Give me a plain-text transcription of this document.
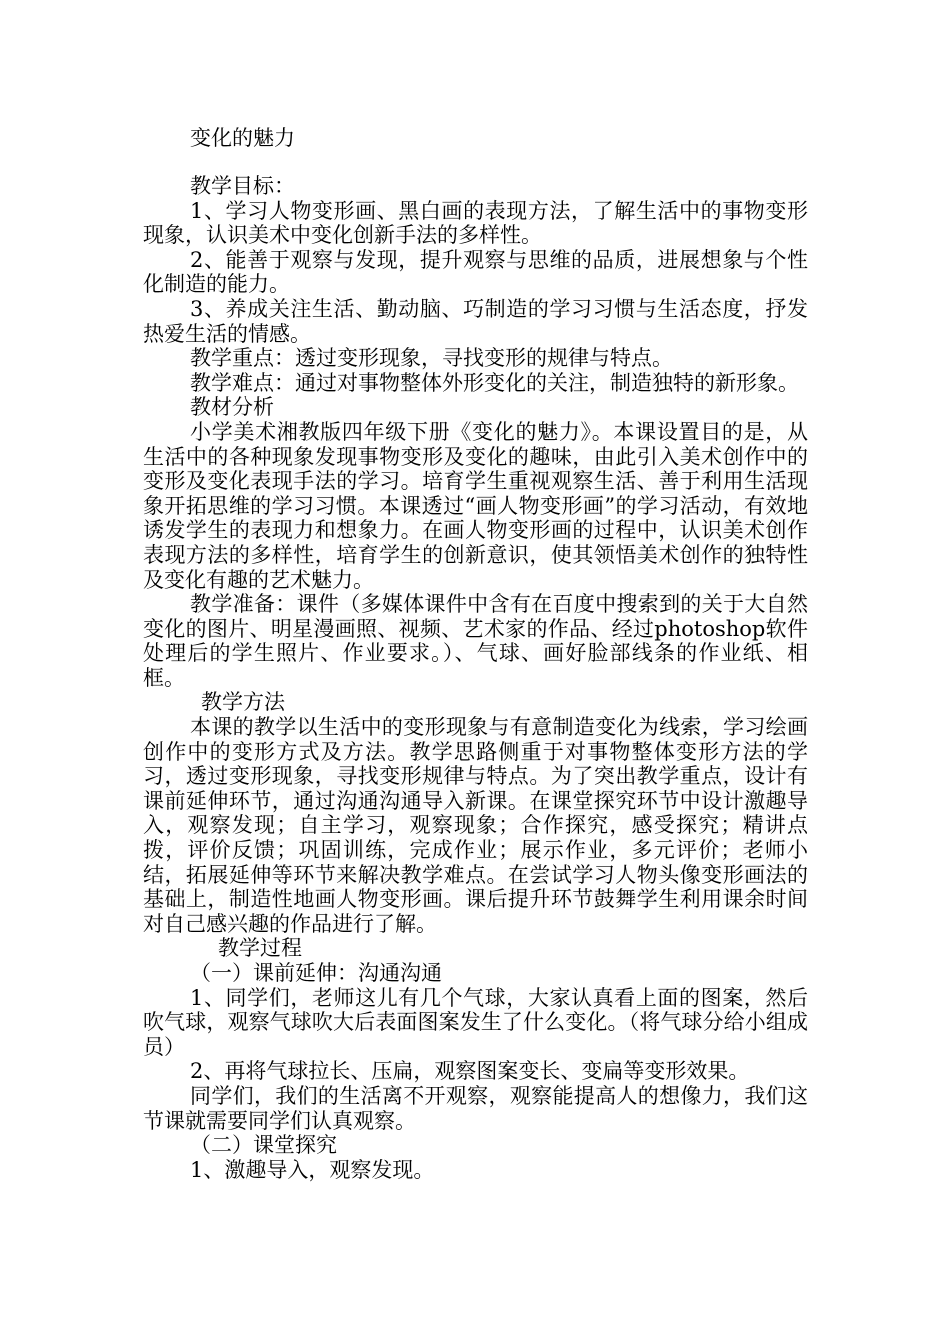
变化的魅力

教学目标：

1、学习人物变形画、黑白画的表现方法，了解生活中的事物变形现象，认识美术中变化创新手法的多样性。

2、能善于观察与发现，提升观察与思维的品质，进展想象与个性化制造的能力。

3、养成关注生活、勤动脑、巧制造的学习习惯与生活态度，抒发热爱生活的情感。

教学重点：透过变形现象，寻找变形的规律与特点。

教学难点：通过对事物整体外形变化的关注，制造独特的新形象。

教材分析

小学美术湘教版四年级下册《变化的魅力》。本课设置目的是，从生活中的各种现象发现事物变形及变化的趣味，由此引入美术创作中的变形及变化表现手法的学习。培育学生重视观察生活、善于利用生活现象开拓思维的学习习惯。本课透过“画人物变形画”的学习活动，有效地诱发学生的表现力和想象力。在画人物变形画的过程中，认识美术创作表现方法的多样性，培育学生的创新意识，使其领悟美术创作的独特性及变化有趣的艺术魅力。

教学准备：课件（多媒体课件中含有在百度中搜索到的关于大自然变化的图片、明星漫画照、视频、艺术家的作品、经过photoshop软件处理后的学生照片、作业要求。）、气球、画好脸部线条的作业纸、相框。

教学方法

本课的教学以生活中的变形现象与有意制造变化为线索，学习绘画创作中的变形方式及方法。教学思路侧重于对事物整体变形方法的学习，透过变形现象，寻找变形规律与特点。为了突出教学重点，设计有课前延伸环节，通过沟通沟通导入新课。在课堂探究环节中设计激趣导入，观察发现；自主学习，观察现象；合作探究，感受探究；精讲点拨，评价反馈；巩固训练，完成作业；展示作业，多元评价；老师小结，拓展延伸等环节来解决教学难点。在尝试学习人物头像变形画法的基础上，制造性地画人物变形画。课后提升环节鼓舞学生利用课余时间对自己感兴趣的作品进行了解。

教学过程

（一）课前延伸：沟通沟通

1、同学们，老师这儿有几个气球，大家认真看上面的图案，然后吹气球，观察气球吹大后表面图案发生了什么变化。（将气球分给小组成员）

2、再将气球拉长、压扁，观察图案变长、变扁等变形效果。

同学们，我们的生活离不开观察，观察能提高人的想像力，我们这节课就需要同学们认真观察。

（二）课堂探究

1、激趣导入，观察发现。
